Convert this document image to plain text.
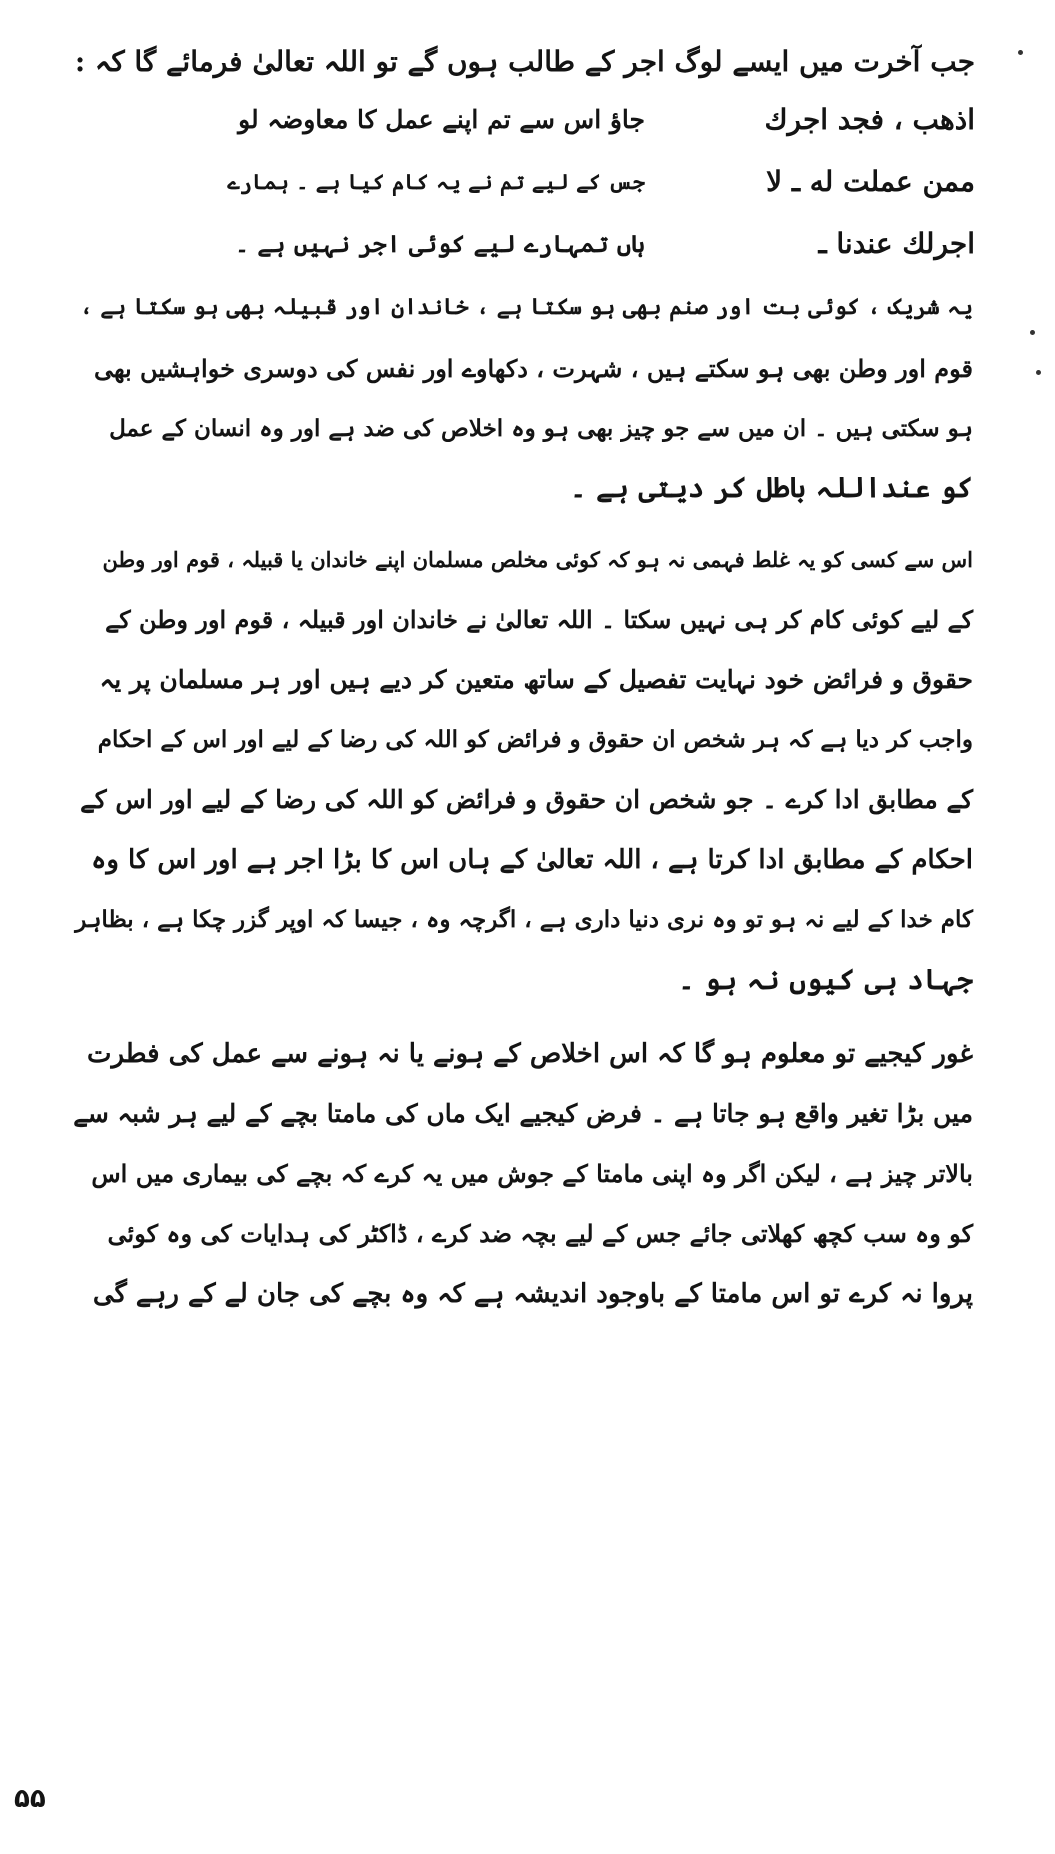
جب آخرت میں ایسے لوگ اجر کے طالب ہوں گے تو اللہ تعالیٰ فرمائے گا کہ :
اذھب ، فجد اجرك
جاؤ اس سے تم اپنے عمل کا معاوضہ لو
ممن عملت له ـ لا
جس کے لیے تم نے یہ کام کیا ہے ۔ ہمارے
اجرلك عندنا ـ
ہاں تمہارے لیے کوئی اجر نہیں ہے ۔
یہ شریک ، کوئی بت اور صنم بھی ہو سکتا ہے ، خاندان اور قبیلہ بھی ہو سکتا ہے ،
قوم اور وطن بھی ہو سکتے ہیں ، شہرت ، دکھاوے اور نفس کی دوسری خواہشیں بھی
ہو سکتی ہیں ۔ ان میں سے جو چیز بھی ہو وہ اخلاص کی ضد ہے اور وہ انسان کے عمل
کو عنداللہ باطل کر دیتی ہے ۔
اس سے کسی کو یہ غلط فہمی نہ ہو کہ کوئی مخلص مسلمان اپنے خاندان یا قبیلہ ، قوم اور وطن
کے لیے کوئی کام کر ہی نہیں سکتا ۔ اللہ تعالیٰ نے خاندان اور قبیلہ ، قوم اور وطن کے
حقوق و فرائض خود نہایت تفصیل کے ساتھ متعین کر دیے ہیں اور ہر مسلمان پر یہ
واجب کر دیا ہے کہ ہر شخص ان حقوق و فرائض کو اللہ کی رضا کے لیے اور اس کے احکام
کے مطابق ادا کرے ۔ جو شخص ان حقوق و فرائض کو اللہ کی رضا کے لیے اور اس کے
احکام کے مطابق ادا کرتا ہے ، اللہ تعالیٰ کے ہاں اس کا بڑا اجر ہے اور اس کا وہ
کام خدا کے لیے نہ ہو تو وہ نری دنیا داری ہے ، اگرچہ وہ ، جیسا کہ اوپر گزر چکا ہے ، بظاہر
جہاد ہی کیوں نہ ہو ۔
غور کیجیے تو معلوم ہو گا کہ اس اخلاص کے ہونے یا نہ ہونے سے عمل کی فطرت
میں بڑا تغیر واقع ہو جاتا ہے ۔ فرض کیجیے ایک ماں کی مامتا بچے کے لیے ہر شبہ سے
بالاتر چیز ہے ، لیکن اگر وہ اپنی مامتا کے جوش میں یہ کرے کہ بچے کی بیماری میں اس
کو وہ سب کچھ کھلاتی جائے جس کے لیے بچہ ضد کرے ، ڈاکٹر کی ہدایات کی وہ کوئی
پروا نہ کرے تو اس مامتا کے باوجود اندیشہ ہے کہ وہ بچے کی جان لے کے رہے گی
۵۵
